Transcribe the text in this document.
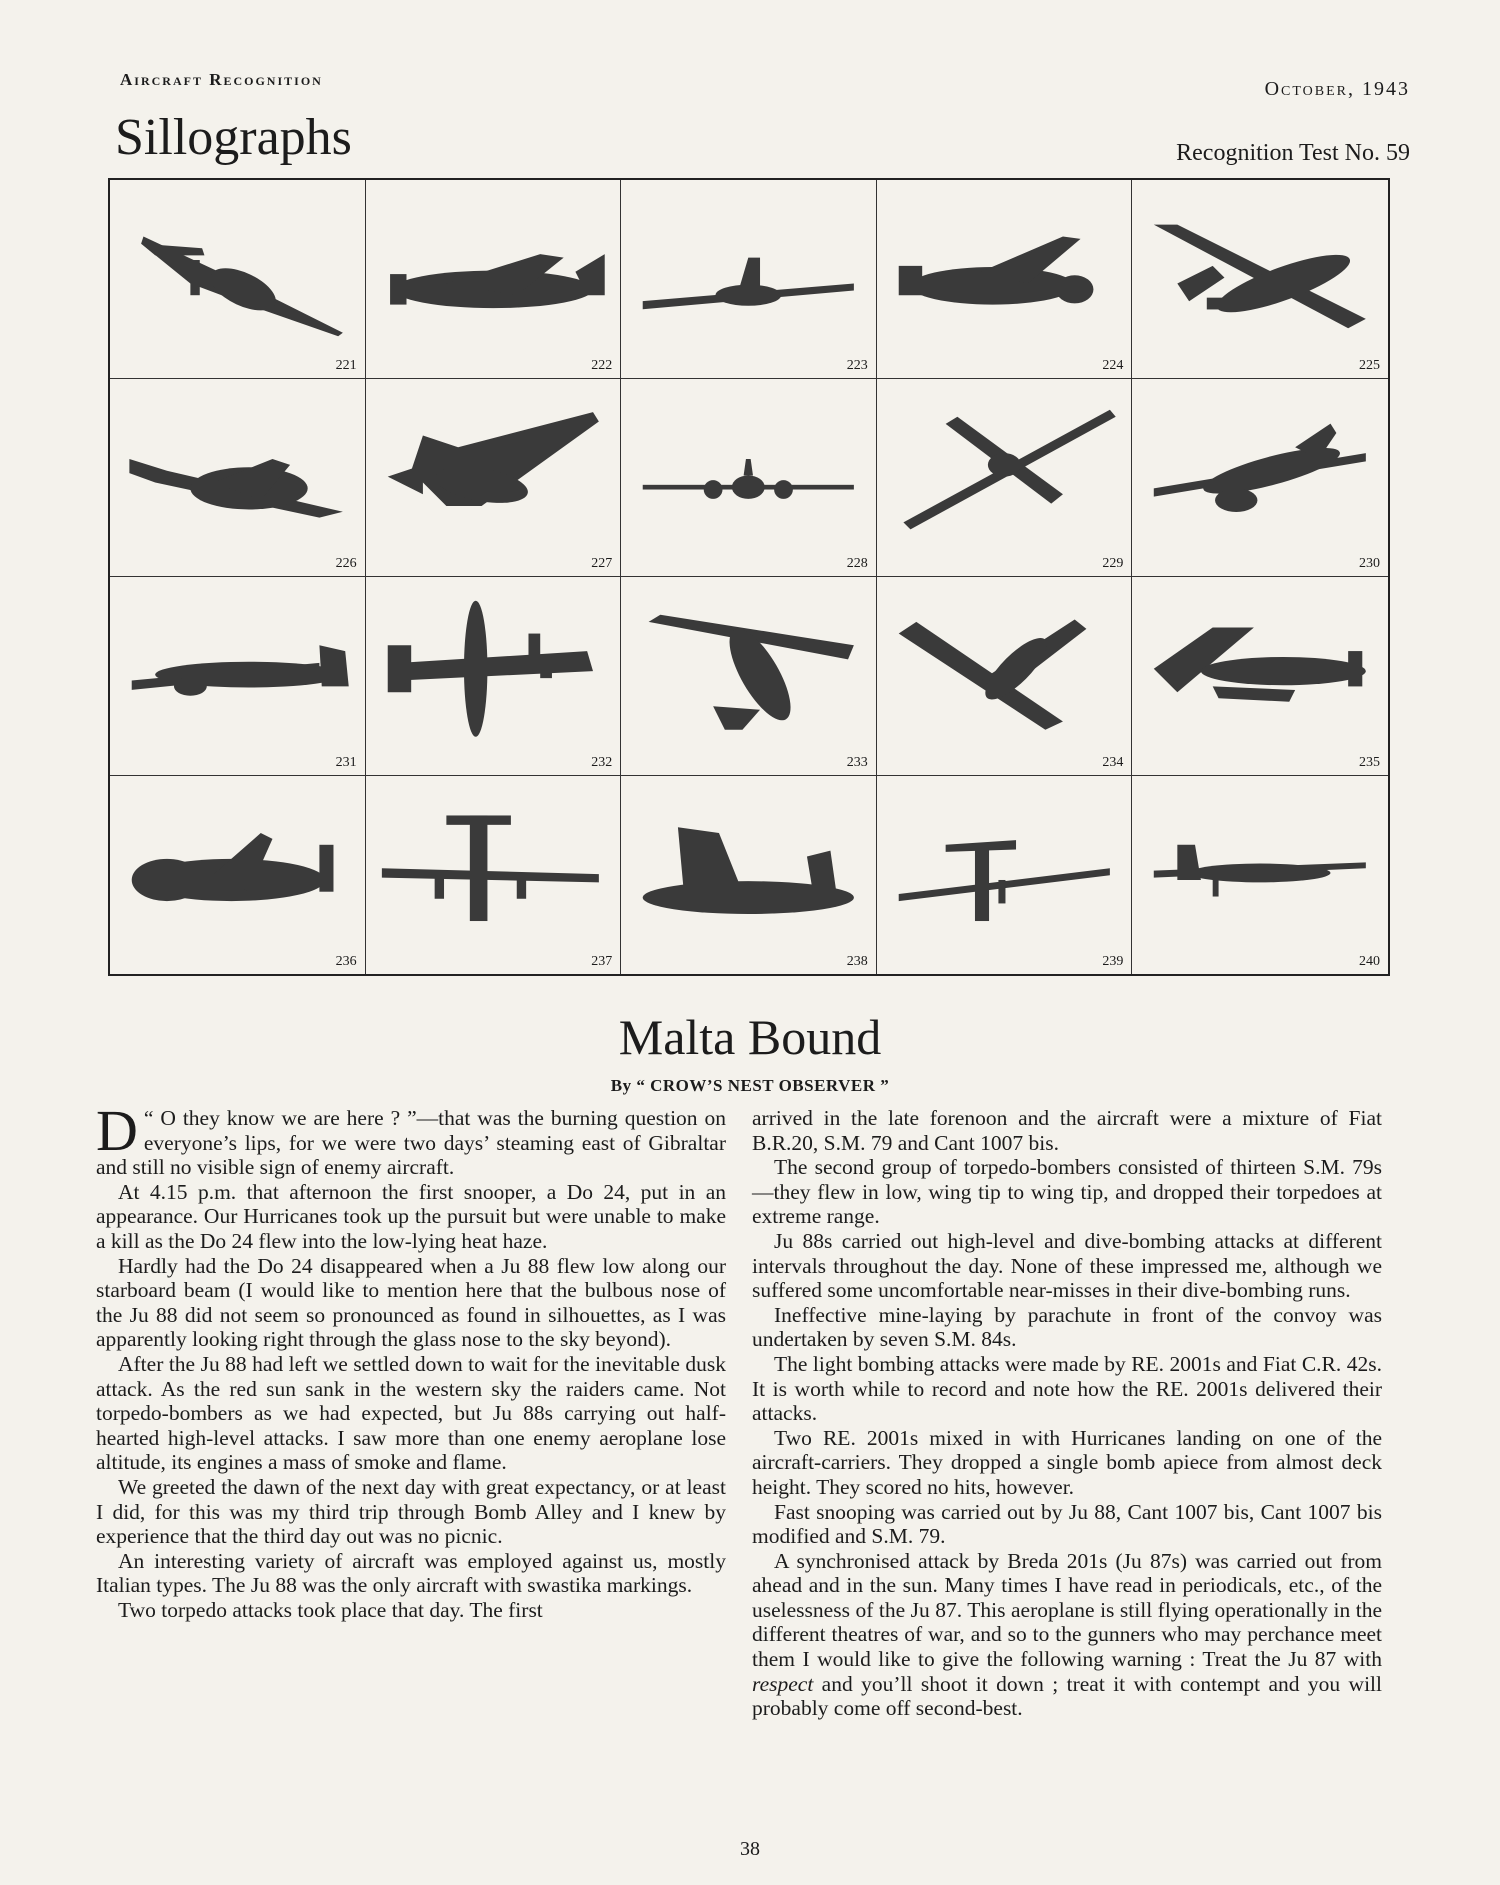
Aircraft Recognition	October, 1943
Sillographs	Recognition Test No. 59
221	222	223	224	225
226	227	228	229	230
231	232	233	234	235
236	237	238	239	240
Malta Bound
By “ CROW’S NEST OBSERVER ”

“
D O they know we are here ? ”—that was the burning question on everyone’s lips, for we were two days’ steaming east of Gibraltar and still no visible sign of enemy aircraft.

At 4.15 p.m. that afternoon the first snooper, a Do 24, put in an appearance. Our Hurricanes took up the pursuit but were unable to make a kill as the Do 24 flew into the low-lying heat haze.

Hardly had the Do 24 disappeared when a Ju 88 flew low along our starboard beam (I would like to mention here that the bulbous nose of the Ju 88 did not seem so pronounced as found in silhouettes, as I was apparently looking right through the glass nose to the sky beyond).

After the Ju 88 had left we settled down to wait for the inevitable dusk attack. As the red sun sank in the western sky the raiders came. Not torpedo-bombers as we had expected, but Ju 88s carrying out half-hearted high-level attacks. I saw more than one enemy aeroplane lose altitude, its engines a mass of smoke and flame.

We greeted the dawn of the next day with great expectancy, or at least I did, for this was my third trip through Bomb Alley and I knew by experience that the third day out was no picnic.

An interesting variety of aircraft was employed against us, mostly Italian types. The Ju 88 was the only aircraft with swastika markings.

Two torpedo attacks took place that day. The first

arrived in the late forenoon and the aircraft were a mixture of Fiat B.R.20, S.M. 79 and Cant 1007 bis.

The second group of torpedo-bombers consisted of thirteen S.M. 79s—they flew in low, wing tip to wing tip, and dropped their torpedoes at extreme range.

Ju 88s carried out high-level and dive-bombing attacks at different intervals throughout the day. None of these impressed me, although we suffered some uncomfortable near-misses in their dive-bombing runs.

Ineffective mine-laying by parachute in front of the convoy was undertaken by seven S.M. 84s.

The light bombing attacks were made by RE. 2001s and Fiat C.R. 42s. It is worth while to record and note how the RE. 2001s delivered their attacks.

Two RE. 2001s mixed in with Hurricanes landing on one of the aircraft-carriers. They dropped a single bomb apiece from almost deck height. They scored no hits, however.

Fast snooping was carried out by Ju 88, Cant 1007 bis, Cant 1007 bis modified and S.M. 79.

A synchronised attack by Breda 201s (Ju 87s) was carried out from ahead and in the sun. Many times I have read in periodicals, etc., of the uselessness of the Ju 87. This aeroplane is still flying operationally in the different theatres of war, and so to the gunners who may perchance meet them I would like to give the following warning : Treat the Ju 87 with respect and you’ll shoot it down ; treat it with contempt and you will probably come off second-best.

38
